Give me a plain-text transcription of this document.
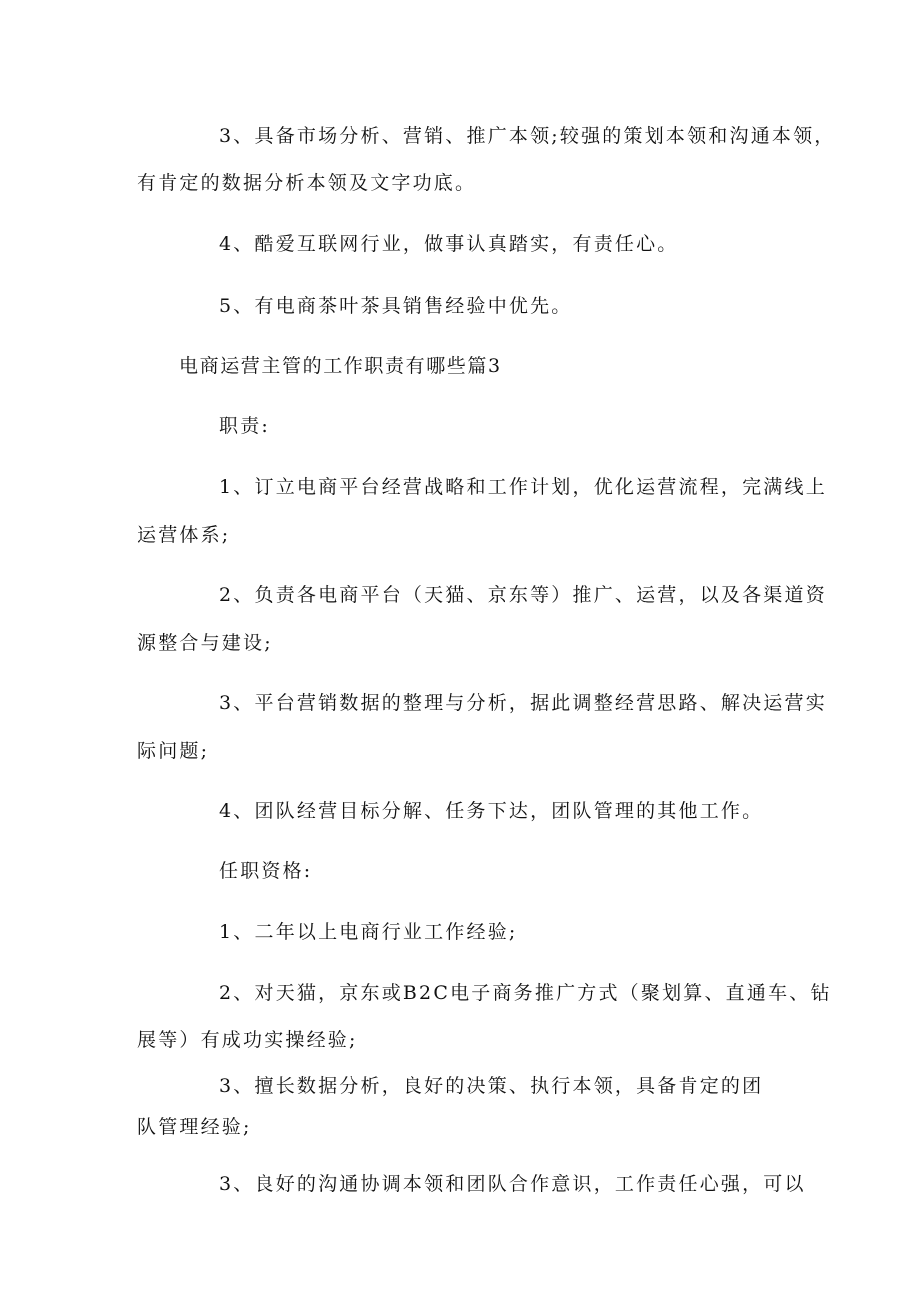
3、具备市场分析、营销、推广本领;较强的策划本领和沟通本领，
有肯定的数据分析本领及文字功底。
4、酷爱互联网行业，做事认真踏实，有责任心。
5、有电商茶叶茶具销售经验中优先。
电商运营主管的工作职责有哪些篇3
职责:
1、订立电商平台经营战略和工作计划，优化运营流程，完满线上
运营体系;
2、负责各电商平台（天猫、京东等）推广、运营，以及各渠道资
源整合与建设;
3、平台营销数据的整理与分析，据此调整经营思路、解决运营实
际问题;
4、团队经营目标分解、任务下达，团队管理的其他工作。
任职资格:
1、二年以上电商行业工作经验;
2、对天猫，京东或B2C电子商务推广方式（聚划算、直通车、钻
展等）有成功实操经验;
3、擅长数据分析，良好的决策、执行本领，具备肯定的团
队管理经验;
3、良好的沟通协调本领和团队合作意识，工作责任心强，可以
